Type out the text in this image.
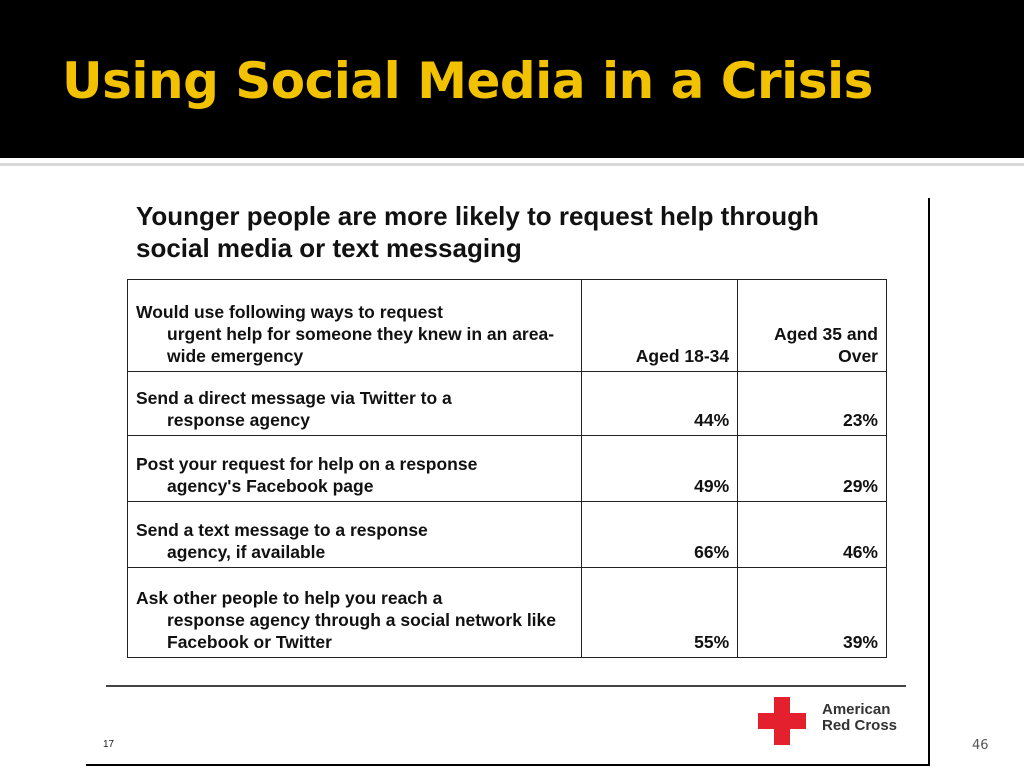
Using Social Media in a Crisis

Younger people are more likely to request help through social media or text messaging

Would use following ways to request
urgent help for someone they knew in an area-wide emergency	Aged 18-34	Aged 35 and Over

Send a direct message via Twitter to a
response agency	44%	23%

Post your request for help on a response
agency's Facebook page	49%	29%

Send a text message to a response
agency, if available	66%	46%

Ask other people to help you reach a
response agency through a social network like Facebook or Twitter	55%	39%
17
American
Red Cross
46
